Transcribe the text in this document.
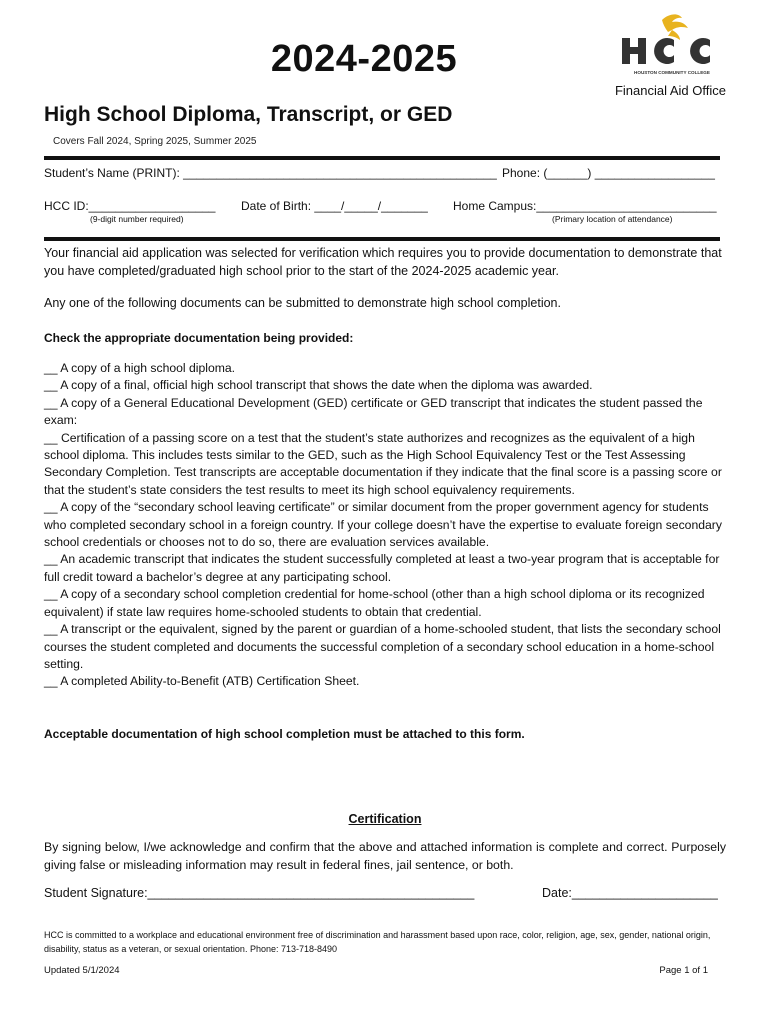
2024-2025	HOUSTON COMMUNITY COLLEGE
Financial Aid Office
High School Diploma, Transcript, or GED
Covers Fall 2024, Spring 2025, Summer 2025
Student’s Name (PRINT): _______________________________________________ Phone: (______) __________________
HCC ID:___________________
(9-digit number required)
Date of Birth: ____/_____/_______ Home Campus:___________________________
(Primary location of attendance)
Your financial aid application was selected for verification which requires you to provide documentation to demonstrate that you have completed/graduated high school prior to the start of the 2024-2025 academic year.
Any one of the following documents can be submitted to demonstrate high school completion.
Check the appropriate documentation being provided:
__ A copy of a high school diploma.
__ A copy of a final, official high school transcript that shows the date when the diploma was awarded.
__ A copy of a General Educational Development (GED) certificate or GED transcript that indicates the student passed the exam:
__ Certification of a passing score on a test that the student’s state authorizes and recognizes as the equivalent of a high school diploma. This includes tests similar to the GED, such as the High School Equivalency Test or the Test Assessing Secondary Completion. Test transcripts are acceptable documentation if they indicate that the final score is a passing score or that the student’s state considers the test results to meet its high school equivalency requirements.
__ A copy of the “secondary school leaving certificate” or similar document from the proper government agency for students who completed secondary school in a foreign country. If your college doesn’t have the expertise to evaluate foreign secondary school credentials or chooses not to do so, there are evaluation services available.
__ An academic transcript that indicates the student successfully completed at least a two-year program that is acceptable for full credit toward a bachelor’s degree at any participating school.
__ A copy of a secondary school completion credential for home-school (other than a high school diploma or its recognized equivalent) if state law requires home-schooled students to obtain that credential.
__ A transcript or the equivalent, signed by the parent or guardian of a home-schooled student, that lists the secondary school courses the student completed and documents the successful completion of a secondary school education in a home-school setting.
__ A completed Ability-to-Benefit (ATB) Certification Sheet.
Acceptable documentation of high school completion must be attached to this form.
Certification
By signing below, I/we acknowledge and confirm that the above and attached information is complete and correct. Purposely giving false or misleading information may result in federal fines, jail sentence, or both.
Student Signature:_______________________________________________	Date:_____________________
HCC is committed to a workplace and educational environment free of discrimination and harassment based upon race, color, religion, age, sex, gender, national origin, disability, status as a veteran, or sexual orientation. Phone: 713-718-8490
Updated 5/1/2024	Page 1 of 1
